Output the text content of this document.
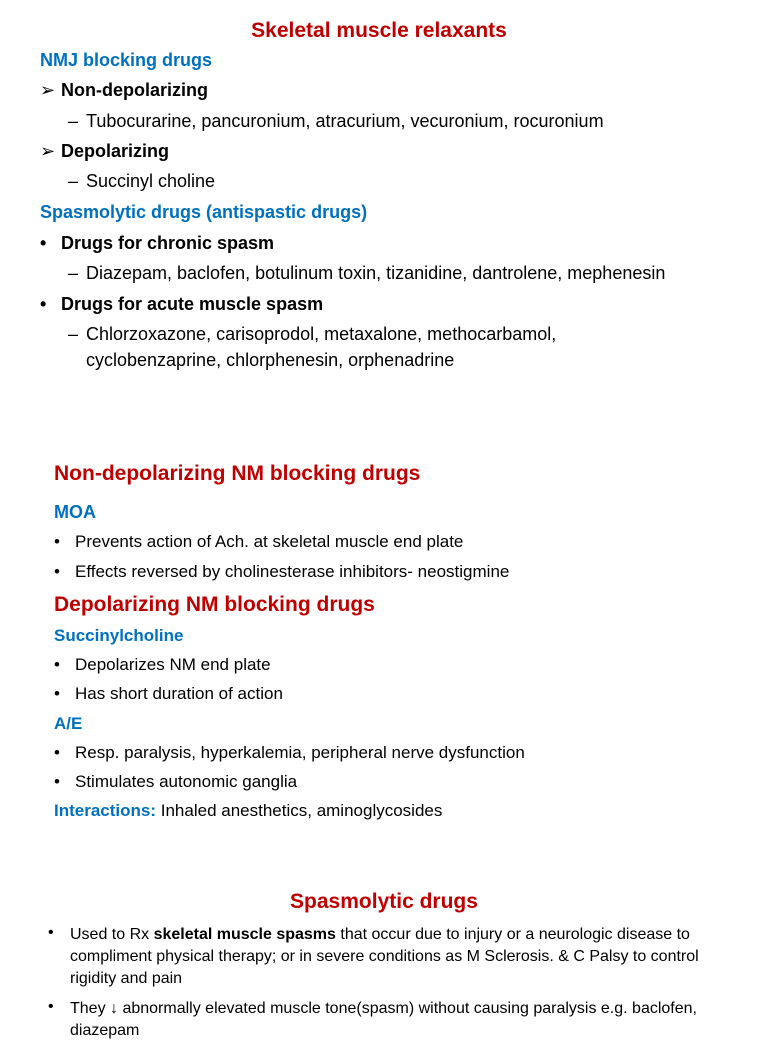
Skeletal muscle relaxants
NMJ blocking drugs
➢ Non-depolarizing
– Tubocurarine, pancuronium, atracurium, vecuronium, rocuronium
➢ Depolarizing
– Succinyl choline
Spasmolytic drugs (antispastic drugs)
• Drugs for chronic spasm
– Diazepam, baclofen, botulinum toxin, tizanidine, dantrolene, mephenesin
• Drugs for acute muscle spasm
– Chlorzoxazone, carisoprodol, metaxalone, methocarbamol,
cyclobenzaprine, chlorphenesin, orphenadrine
Non-depolarizing NM blocking drugs
MOA
• Prevents action of Ach. at skeletal muscle end plate
• Effects reversed by cholinesterase inhibitors- neostigmine
Depolarizing NM blocking drugs
Succinylcholine
• Depolarizes NM end plate
• Has short duration of action
A/E
• Resp. paralysis, hyperkalemia, peripheral nerve dysfunction
• Stimulates autonomic ganglia
Interactions: Inhaled anesthetics, aminoglycosides
Spasmolytic drugs
• Used to Rx skeletal muscle spasms that occur due to injury or a neurologic disease to compliment physical therapy; or in severe conditions as M Sclerosis. & C Palsy to control rigidity and pain
• They ↓ abnormally elevated muscle tone(spasm) without causing paralysis e.g. baclofen, diazepam
